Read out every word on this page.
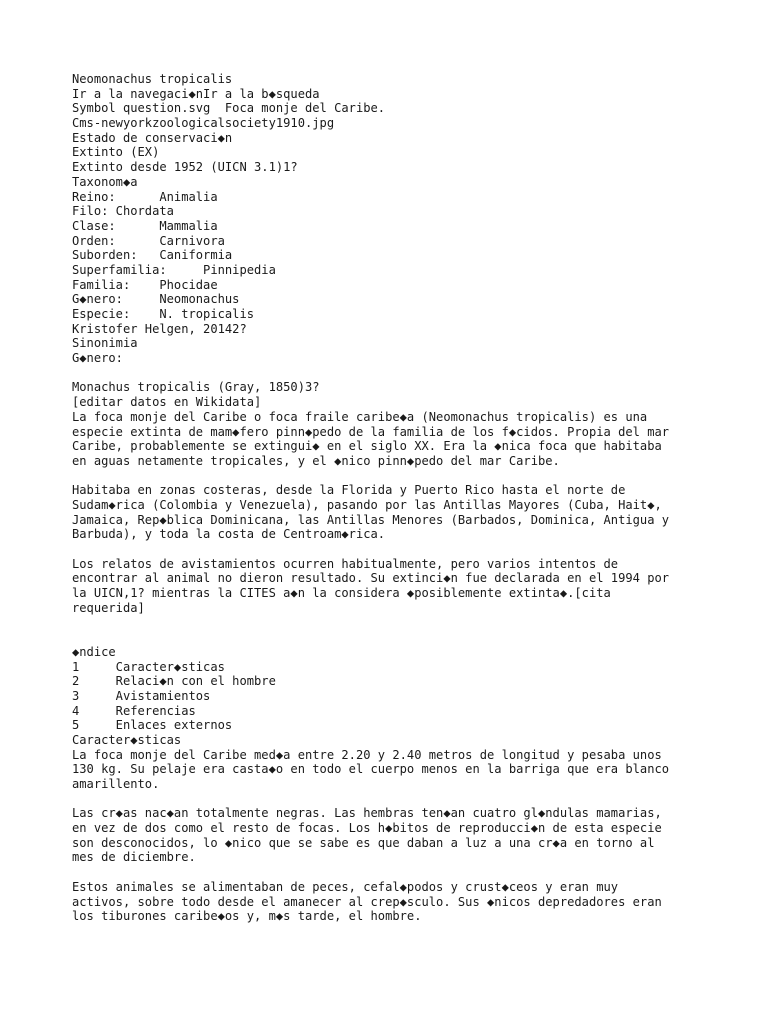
Neomonachus tropicalis
Ir a la navegaci◆nIr a la b◆squeda
Symbol question.svg  Foca monje del Caribe.
Cms-newyorkzoologicalsociety1910.jpg
Estado de conservaci◆n
Extinto (EX)
Extinto desde 1952 (UICN 3.1)1?
Taxonom◆a
Reino:      Animalia
Filo: Chordata
Clase:      Mammalia
Orden:      Carnivora
Suborden:   Caniformia
Superfamilia:     Pinnipedia
Familia:    Phocidae
G◆nero:     Neomonachus
Especie:    N. tropicalis
Kristofer Helgen, 20142?
Sinonimia
G◆nero:
Monachus tropicalis (Gray, 1850)3?
[editar datos en Wikidata]
La foca monje del Caribe o foca fraile caribe◆a (Neomonachus tropicalis) es una
especie extinta de mam◆fero pinn◆pedo de la familia de los f◆cidos. Propia del mar
Caribe, probablemente se extingui◆ en el siglo XX. Era la ◆nica foca que habitaba
en aguas netamente tropicales, y el ◆nico pinn◆pedo del mar Caribe.
Habitaba en zonas costeras, desde la Florida y Puerto Rico hasta el norte de
Sudam◆rica (Colombia y Venezuela), pasando por las Antillas Mayores (Cuba, Hait◆,
Jamaica, Rep◆blica Dominicana, las Antillas Menores (Barbados, Dominica, Antigua y
Barbuda), y toda la costa de Centroam◆rica.
Los relatos de avistamientos ocurren habitualmente, pero varios intentos de
encontrar al animal no dieron resultado. Su extinci◆n fue declarada en el 1994 por
la UICN,1? mientras la CITES a◆n la considera ◆posiblemente extinta◆.[cita
requerida]
◆ndice
1     Caracter◆sticas
2     Relaci◆n con el hombre
3     Avistamientos
4     Referencias
5     Enlaces externos
Caracter◆sticas
La foca monje del Caribe med◆a entre 2.20 y 2.40 metros de longitud y pesaba unos
130 kg. Su pelaje era casta◆o en todo el cuerpo menos en la barriga que era blanco
amarillento.
Las cr◆as nac◆an totalmente negras. Las hembras ten◆an cuatro gl◆ndulas mamarias,
en vez de dos como el resto de focas. Los h◆bitos de reproducci◆n de esta especie
son desconocidos, lo ◆nico que se sabe es que daban a luz a una cr◆a en torno al
mes de diciembre.
Estos animales se alimentaban de peces, cefal◆podos y crust◆ceos y eran muy
activos, sobre todo desde el amanecer al crep◆sculo. Sus ◆nicos depredadores eran
los tiburones caribe◆os y, m◆s tarde, el hombre.
